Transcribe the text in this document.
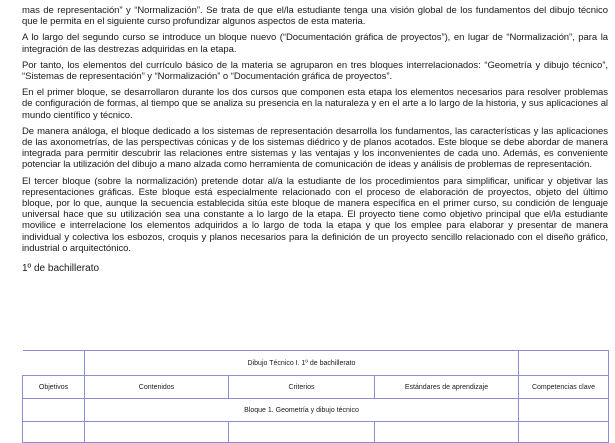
mas de representación” y “Normalización”. Se trata de que el/la estudiante tenga una visión global de los fundamentos del dibujo técnico que le permita en el siguiente curso profundizar algunos aspectos de esta materia.

A lo largo del segundo curso se introduce un bloque nuevo (“Documentación gráfica de proyectos”), en lugar de “Normalización”, para la integración de las destrezas adquiridas en la etapa.

Por tanto, los elementos del currículo básico de la materia se agruparon en tres bloques interrelacionados: “Geometría y dibujo técnico”, “Sistemas de representación” y “Normalización” o “Documentación gráfica de proyectos”.

En el primer bloque, se desarrollaron durante los dos cursos que componen esta etapa los elementos necesarios para resolver problemas de configuración de formas, al tiempo que se analiza su presencia en la naturaleza y en el arte a lo largo de la historia, y sus aplicaciones al mundo científico y técnico.

De manera análoga, el bloque dedicado a los sistemas de representación desarrolla los fundamentos, las características y las aplicaciones de las axonometrías, de las perspectivas cónicas y de los sistemas diédrico y de planos acotados. Este bloque se debe abordar de manera integrada para permitir descubrir las relaciones entre sistemas y las ventajas y los inconvenientes de cada uno. Además, es conveniente potenciar la utilización del dibujo a mano alzada como herramienta de comunicación de ideas y análisis de problemas de representación.

El tercer bloque (sobre la normalización) pretende dotar al/a la estudiante de los procedimientos para simplificar, unificar y objetivar las representaciones gráficas. Este bloque está especialmente relacionado con el proceso de elaboración de proyectos, objeto del último bloque, por lo que, aunque la secuencia establecida sitúa este bloque de manera específica en el primer curso, su condición de lenguaje universal hace que su utilización sea una constante a lo largo de la etapa. El proyecto tiene como objetivo principal que el/la estudiante movilice e interrelacione los elementos adquiridos a lo largo de toda la etapa y que los emplee para elaborar y presentar de manera individual y colectiva los esbozos, croquis y planos necesarios para la definición de un proyecto sencillo relacionado con el diseño gráfico, industrial o arquitectónico.

1º de bachillerato
	Dibujo Técnico I. 1º de bachillerato			
Objetivos	Contenidos	Criterios	Estándares de aprendizaje	Competencias clave
	Bloque 1. Geometría y dibujo técnico			
